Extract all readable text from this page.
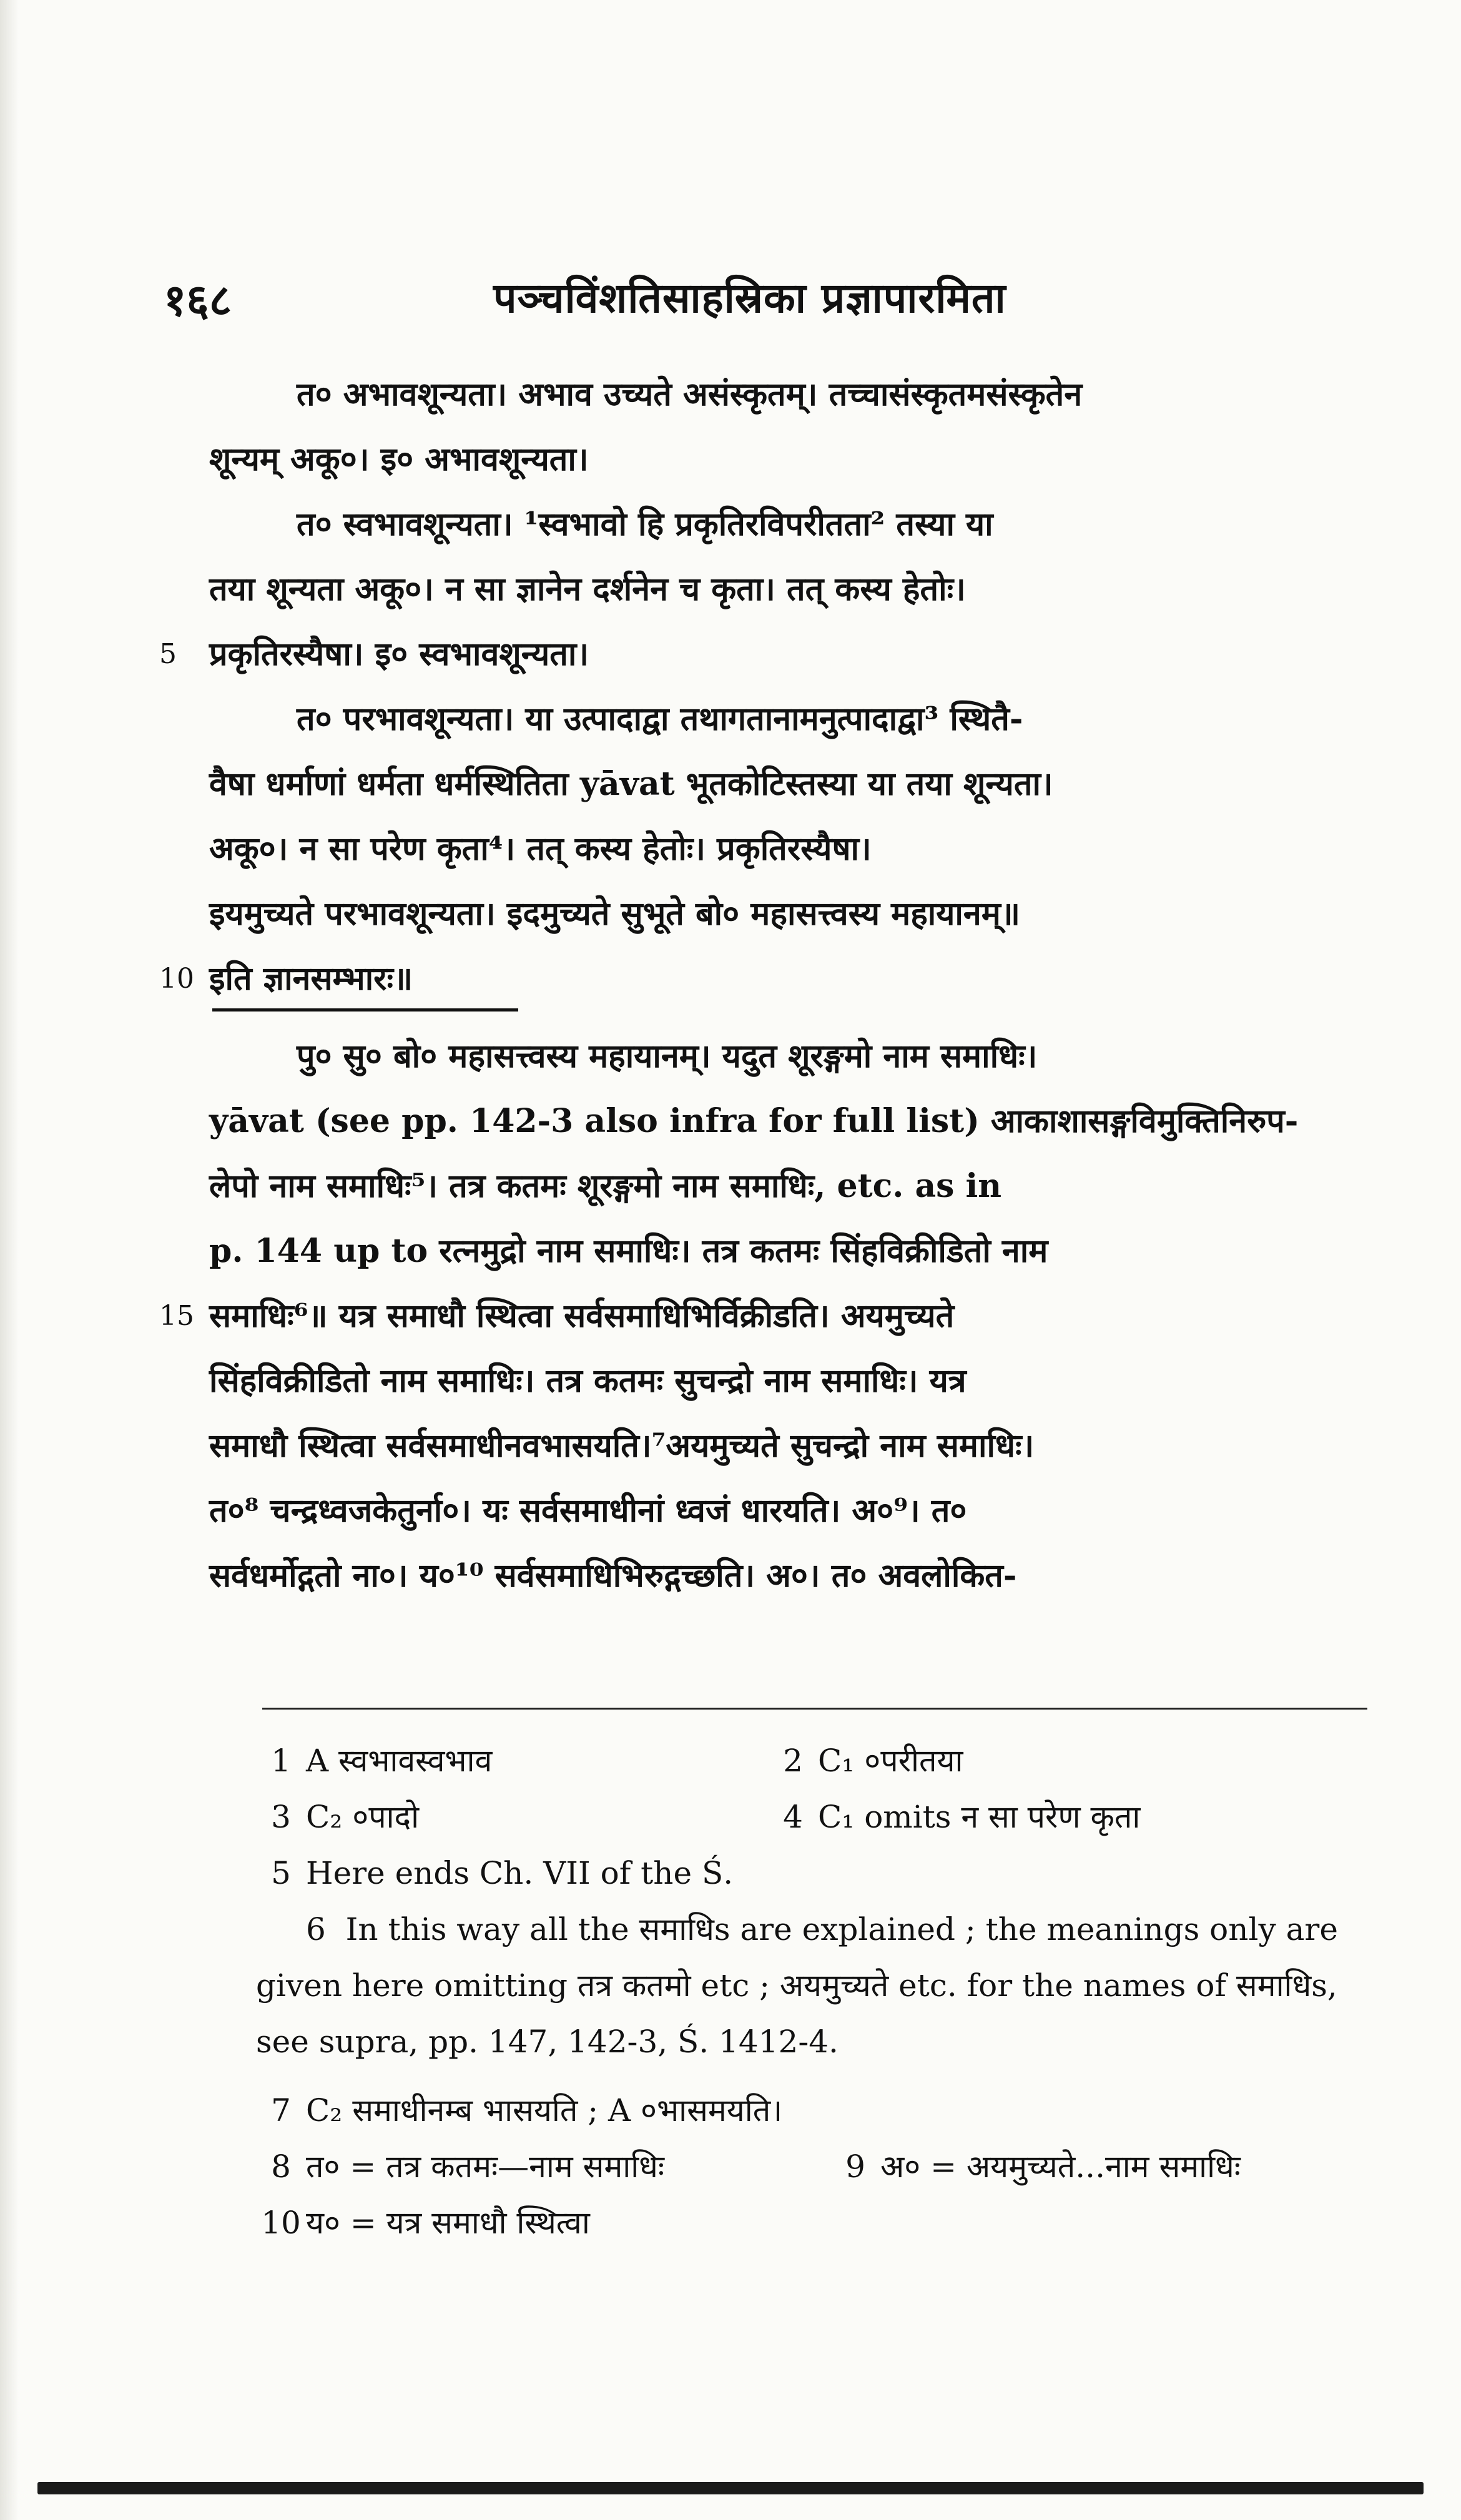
१६८	पञ्चविंशतिसाहस्रिका प्रज्ञापारमिता
त० अभावशून्यता। अभाव उच्यते असंस्कृतम्। तच्चासंस्कृतमसंस्कृतेन
शून्यम् अकू०। इ० अभावशून्यता।
त० स्वभावशून्यता। ¹स्वभावो हि प्रकृतिरविपरीतता² तस्या या
तया शून्यता अकू०। न सा ज्ञानेन दर्शनेन च कृता। तत् कस्य हेतोः।
5 प्रकृतिरस्यैषा। इ० स्वभावशून्यता।
त० परभावशून्यता। या उत्पादाद्वा तथागतानामनुत्पादाद्वा³ स्थितै-
वैषा धर्माणां धर्मता धर्मस्थितिता yāvat भूतकोटिस्तस्या या तया शून्यता।
अकू०। न सा परेण कृता⁴। तत् कस्य हेतोः। प्रकृतिरस्यैषा।
इयमुच्यते परभावशून्यता। इदमुच्यते सुभूते बो० महासत्त्वस्य महायानम्॥
10 इति ज्ञानसम्भारः॥
पु० सु० बो० महासत्त्वस्य महायानम्। यदुत शूरङ्गमो नाम समाधिः।
yāvat (see pp. 142-3 also infra for full list) आकाशासङ्गविमुक्तिनिरुप-
लेपो नाम समाधिः⁵। तत्र कतमः शूरङ्गमो नाम समाधिः, etc. as in
p. 144 up to रत्नमुद्रो नाम समाधिः। तत्र कतमः सिंहविक्रीडितो नाम
15 समाधिः⁶॥ यत्र समाधौ स्थित्वा सर्वसमाधिभिर्विक्रीडति। अयमुच्यते
सिंहविक्रीडितो नाम समाधिः। तत्र कतमः सुचन्द्रो नाम समाधिः। यत्र
समाधौ स्थित्वा सर्वसमाधीनवभासयति।⁷अयमुच्यते सुचन्द्रो नाम समाधिः।
त०⁸ चन्द्रध्वजकेतुर्ना०। यः सर्वसमाधीनां ध्वजं धारयति। अ०⁹। त०
सर्वधर्मोद्गतो ना०। य०¹⁰ सर्वसमाधिभिरुद्गच्छति। अ०। त० अवलोकित-
1 A स्वभावस्वभाव	2 C₁ ०परीतया
3 C₂ ०पादो	4 C₁ omits न सा परेण कृता
5 Here ends Ch. VII of the Ś.
6 In this way all the समाधिs are explained ; the meanings only are given here omitting तत्र कतमो etc ; अयमुच्यते etc. for the names of समाधिs, see supra, pp. 147, 142-3, Ś. 1412-4.
7 C₂ समाधीनम्ब भासयति ; A ०भासमयति।
8 त० = तत्र कतमः—नाम समाधिः	9 अ० = अयमुच्यते...नाम समाधिः
10 य० = यत्र समाधौ स्थित्वा
